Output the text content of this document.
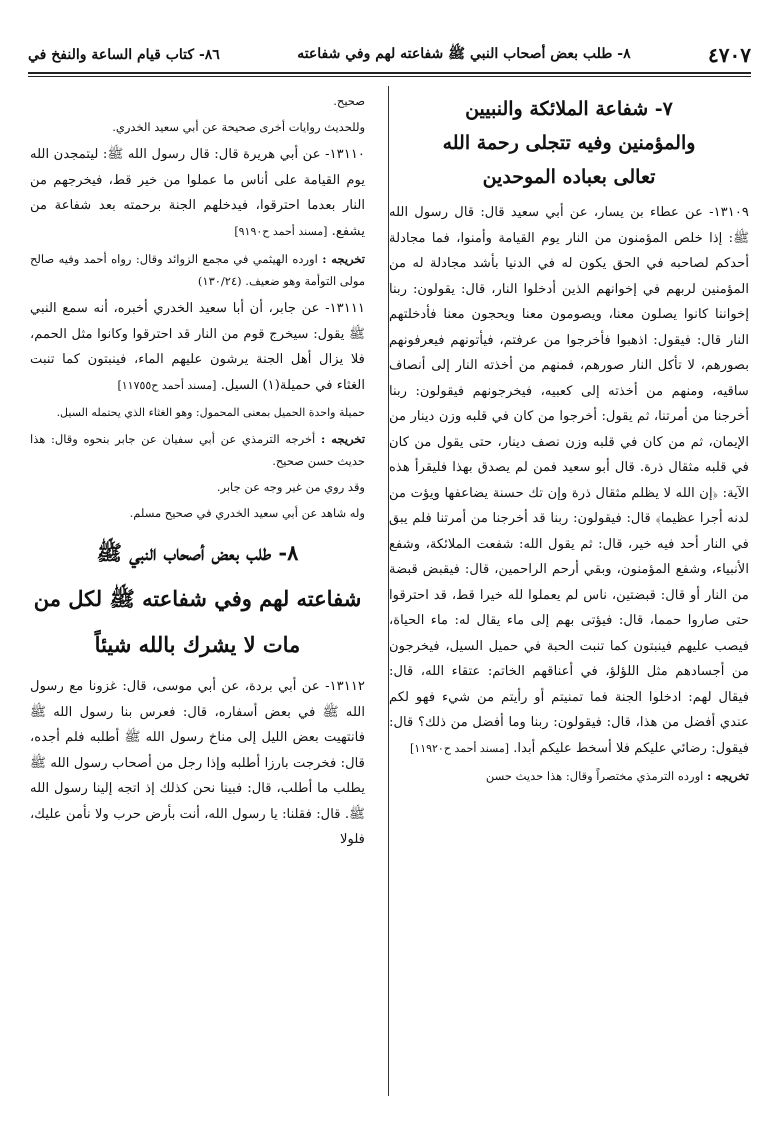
٤٧٠٧
٨- طلب بعض أصحاب النبي ﷺ شفاعته لهم وفي شفاعته
٨٦- كتاب قيام الساعة والنفخ في
٧- شفاعة الملائكة والنبيين
والمؤمنين وفيه تتجلى رحمة الله
تعالى بعباده الموحدين

١٣١٠٩- عن عطاء بن يسار، عن أبي سعيد قال: قال رسول الله ﷺ: إذا خلص المؤمنون من النار يوم القيامة وأمنوا، فما مجادلة أحدكم لصاحبه في الحق يكون له في الدنيا بأشد مجادلة له من المؤمنين لربهم في إخوانهم الذين أدخلوا النار، قال: يقولون: ربنا إخواننا كانوا يصلون معنا، ويصومون معنا ويحجون معنا فأدخلتهم النار قال: فيقول: اذهبوا فأخرجوا من عرفتم، فيأتونهم فيعرفونهم بصورهم، لا تأكل النار صورهم، فمنهم من أخذته النار إلى أنصاف ساقيه، ومنهم من أخذته إلى كعبيه، فيخرجونهم فيقولون: ربنا أخرجنا من أمرتنا، ثم يقول: أخرجوا من كان في قلبه وزن دينار من الإيمان، ثم من كان في قلبه وزن نصف دينار، حتى يقول من كان في قلبه مثقال ذرة. قال أبو سعيد فمن لم يصدق بهذا فليقرأ هذه الآية: ﴿إن الله لا يظلم مثقال ذرة وإن تك حسنة يضاعفها ويؤت من لدنه أجرا عظيما﴾ قال: فيقولون: ربنا قد أخرجنا من أمرتنا فلم يبق في النار أحد فيه خير، قال: ثم يقول الله: شفعت الملائكة، وشفع الأنبياء، وشفع المؤمنون، وبقي أرحم الراحمين، قال: فيقبض قبضة من النار أو قال: قبضتين، ناس لم يعملوا لله خيرا قط، قد احترقوا حتى صاروا حمما، قال: فيؤتى بهم إلى ماء يقال له: ماء الحياة، فيصب عليهم فينبتون كما تنبت الحبة في حميل السيل، فيخرجون من أجسادهم مثل اللؤلؤ، في أعناقهم الخاتم: عتقاء الله، قال: فيقال لهم: ادخلوا الجنة فما تمنيتم أو رأيتم من شيء فهو لكم عندي أفضل من هذا، قال: فيقولون: ربنا وما أفضل من ذلك؟ قال: فيقول: رضائي عليكم فلا أسخط عليكم أبدا. [مسند أحمد ح١١٩٢٠]

تخريجه : اورده الترمذي مختصراً وقال: هذا حديث حسن

صحيح.

وللحديث روايات أخرى صحيحة عن أبي سعيد الخدري.

١٣١١٠- عن أبي هريرة قال: قال رسول الله ﷺ: ليتمجدن الله يوم القيامة على أناس ما عملوا من خير قط، فيخرجهم من النار بعدما احترقوا، فيدخلهم الجنة برحمته بعد شفاعة من يشفع. [مسند أحمد ح٩١٩٠]

تخريجه : اورده الهيثمي في مجمع الزوائد وقال: رواه أحمد وفيه صالح مولى التوأمة وهو ضعيف. (١٣٠/٢٤)

١٣١١١- عن جابر، أن أبا سعيد الخدري أخبره، أنه سمع النبي ﷺ يقول: سيخرج قوم من النار قد احترقوا وكانوا مثل الحمم، فلا يزال أهل الجنة يرشون عليهم الماء، فينبتون كما تنبت الغثاء في حميلة(١) السيل. [مسند أحمد ح١١٧٥٥]

حميلة واحدة الحميل بمعنى المحمول: وهو الغثاء الذي يحتمله السيل.

تخريجه : أخرجه الترمذي عن أبي سفيان عن جابر بنحوه وقال: هذا حديث حسن صحيح.

وقد روي من غير وجه عن جابر.

وله شاهد عن أبي سعيد الخدري في صحيح مسلم.

٨- طلب بعض أصحاب النبي ﷺ
شفاعته لهم وفي شفاعته ﷺ لكل من
مات لا يشرك بالله شيئاً

١٣١١٢- عن أبي بردة، عن أبي موسى، قال: غزونا مع رسول الله ﷺ في بعض أسفاره، قال: فعرس بنا رسول الله ﷺ فانتهيت بعض الليل إلى مناخ رسول الله ﷺ أطلبه فلم أجده، قال: فخرجت بارزا أطلبه وإذا رجل من أصحاب رسول الله ﷺ يطلب ما أطلب، قال: فبينا نحن كذلك إذ اتجه إلينا رسول الله ﷺ. قال: فقلنا: يا رسول الله، أنت بأرض حرب ولا نأمن عليك، فلولا
